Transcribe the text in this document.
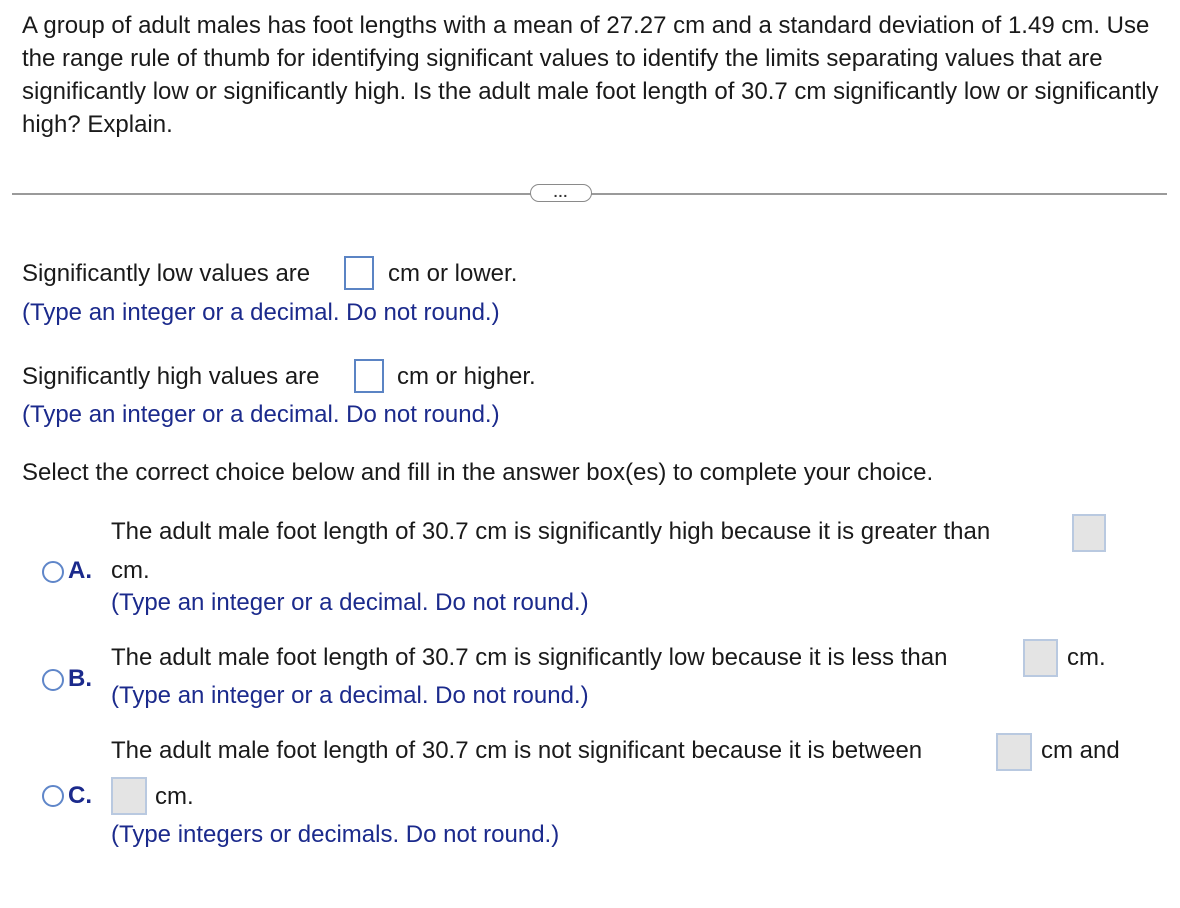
A group of adult males has foot lengths with a mean of 27.27 cm and a standard deviation of 1.49 cm. Use the range rule of thumb for identifying significant values to identify the limits separating values that are significantly low or significantly high. Is the adult male foot length of 30.7 cm significantly low or significantly high? Explain.

...
Significantly low values are	cm or lower.
(Type an integer or a decimal. Do not round.)
Significantly high values are	cm or higher.
(Type an integer or a decimal. Do not round.)
Select the correct choice below and fill in the answer box(es) to complete your choice.
A.
The adult male foot length of 30.7 cm is significantly high because it is greater than
cm.
(Type an integer or a decimal. Do not round.)
B.
The adult male foot length of 30.7 cm is significantly low because it is less than	cm.
(Type an integer or a decimal. Do not round.)
C.
The adult male foot length of 30.7 cm is not significant because it is between	cm and
cm.
(Type integers or decimals. Do not round.)
